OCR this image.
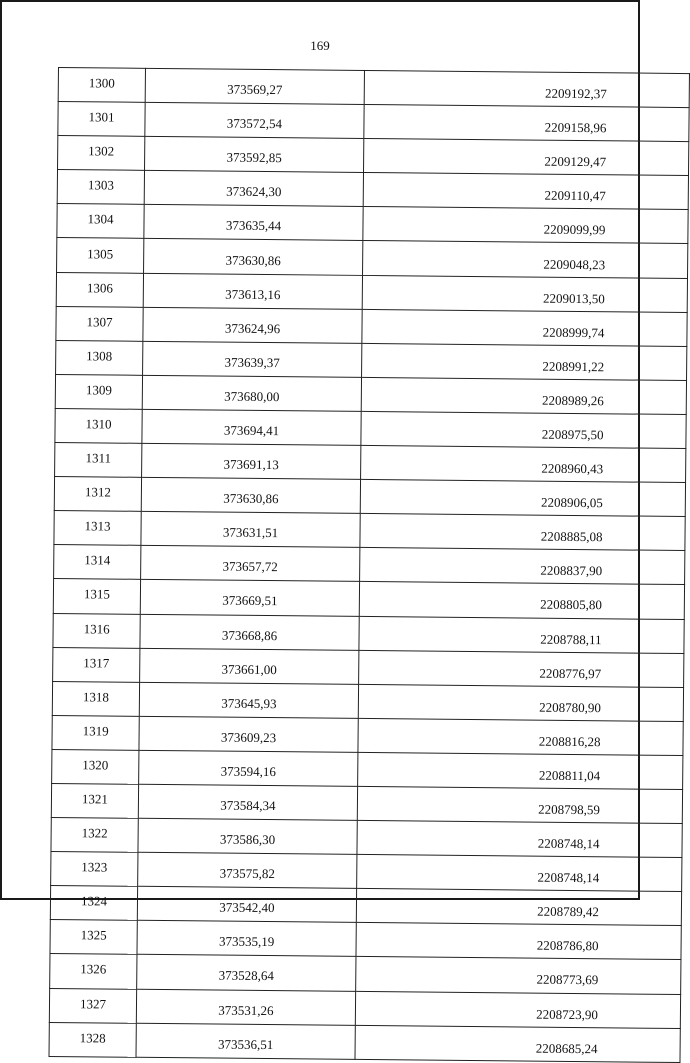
169
1300	373569,27	2209192,37
1301	373572,54	2209158,96
1302	373592,85	2209129,47
1303	373624,30	2209110,47
1304	373635,44	2209099,99
1305	373630,86	2209048,23
1306	373613,16	2209013,50
1307	373624,96	2208999,74
1308	373639,37	2208991,22
1309	373680,00	2208989,26
1310	373694,41	2208975,50
1311	373691,13	2208960,43
1312	373630,86	2208906,05
1313	373631,51	2208885,08
1314	373657,72	2208837,90
1315	373669,51	2208805,80
1316	373668,86	2208788,11
1317	373661,00	2208776,97
1318	373645,93	2208780,90
1319	373609,23	2208816,28
1320	373594,16	2208811,04
1321	373584,34	2208798,59
1322	373586,30	2208748,14
1323	373575,82	2208748,14
1324	373542,40	2208789,42
1325	373535,19	2208786,80
1326	373528,64	2208773,69
1327	373531,26	2208723,90
1328	373536,51	2208685,24
